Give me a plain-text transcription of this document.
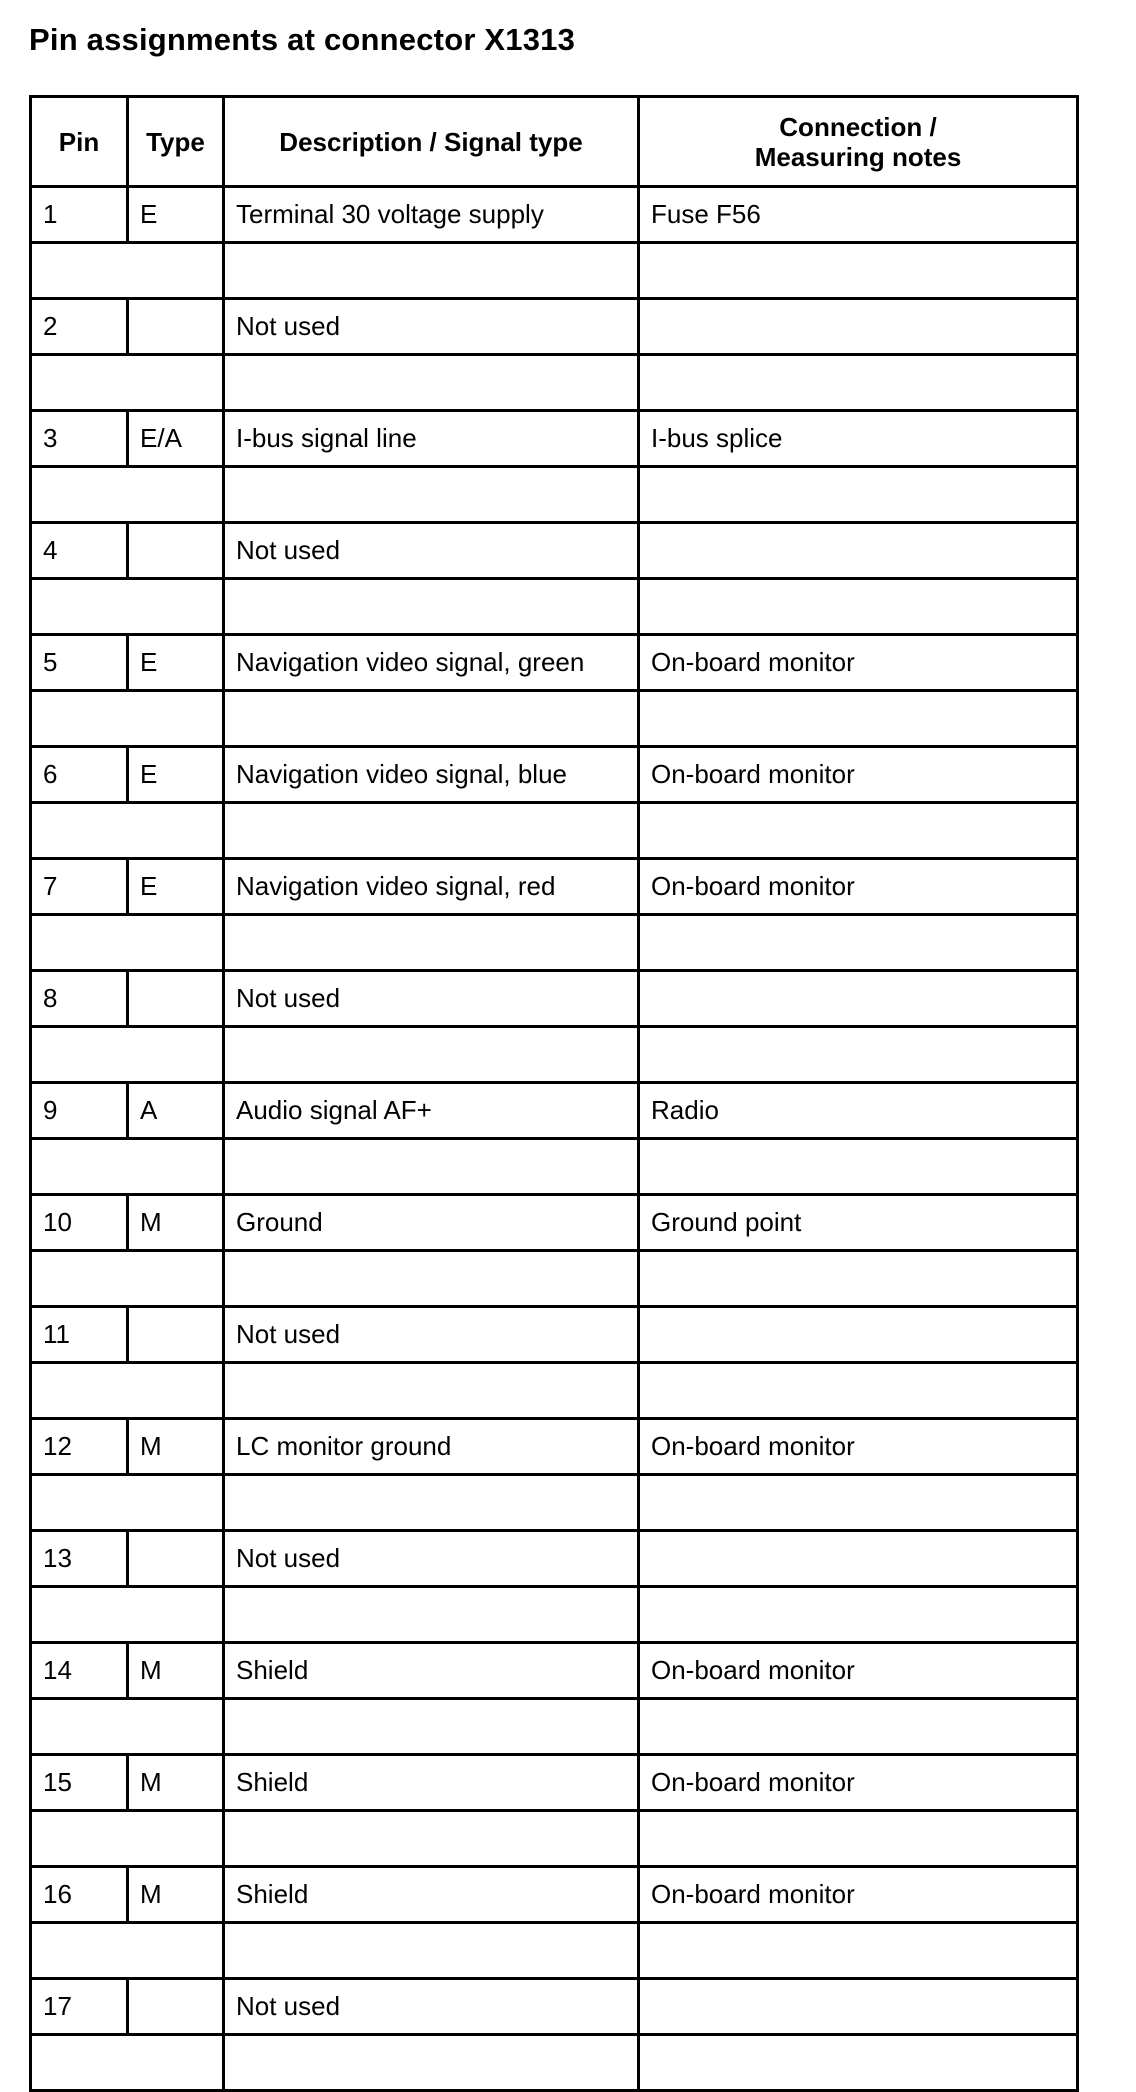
Pin assignments at connector X1313
Pin	Type	Description / Signal type	Connection /
Measuring notes

1	E	Terminal 30 voltage supply	Fuse F56

2		Not used	

3	E/A	I-bus signal line	I-bus splice

4		Not used	

5	E	Navigation video signal, green	On-board monitor

6	E	Navigation video signal, blue	On-board monitor

7	E	Navigation video signal, red	On-board monitor

8		Not used	

9	A	Audio signal AF+	Radio

10	M	Ground	Ground point

11		Not used	

12	M	LC monitor ground	On-board monitor

13		Not used	

14	M	Shield	On-board monitor

15	M	Shield	On-board monitor

16	M	Shield	On-board monitor

17		Not used	
